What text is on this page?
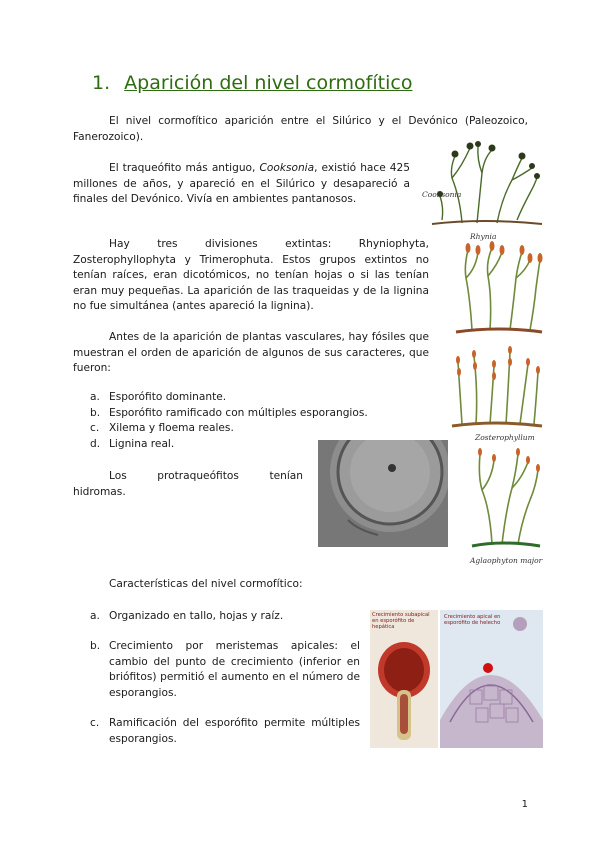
1. Aparición del nivel cormofítico
El nivel cormofítico aparición entre el Silúrico y el Devónico (Paleozoico, Fanerozoico).
El traqueófito más antiguo, Cooksonia, existió hace 425 millones de años, y apareció en el Silúrico y desapareció a finales del Devónico. Vivía en ambientes pantanosos.
Hay tres divisiones extintas: Rhyniophyta, Zosterophyllophyta y Trimerophuta. Estos grupos extintos no tenían raíces, eran dicotómicos, no tenían hojas o si las tenían eran muy pequeñas. La aparición de las traqueidas y de la lignina no fue simultánea (antes apareció la lignina).
Antes de la aparición de plantas vasculares, hay fósiles que muestran el orden de aparición de algunos de sus caracteres, que fueron:
a. Esporófito dominante.
b. Esporófito ramificado con múltiples esporangios.
c. Xilema y floema reales.
d. Lignina real.
Los protraqueófitos tenían hidromas.
Características del nivel cormofítico:
a. Organizado en tallo, hojas y raíz.
b. Crecimiento por meristemas apicales: el cambio del punto de crecimiento (inferior en briófitos) permitió el aumento en el número de esporangios.
c. Ramificación del esporófito permite múltiples esporangios.
Cooksonia
Rhynia
Zosterophyllum
Aglaophyton major
Crecimiento subapical en esporófito de hepática
Crecimiento apical en esporófito de helecho
1
